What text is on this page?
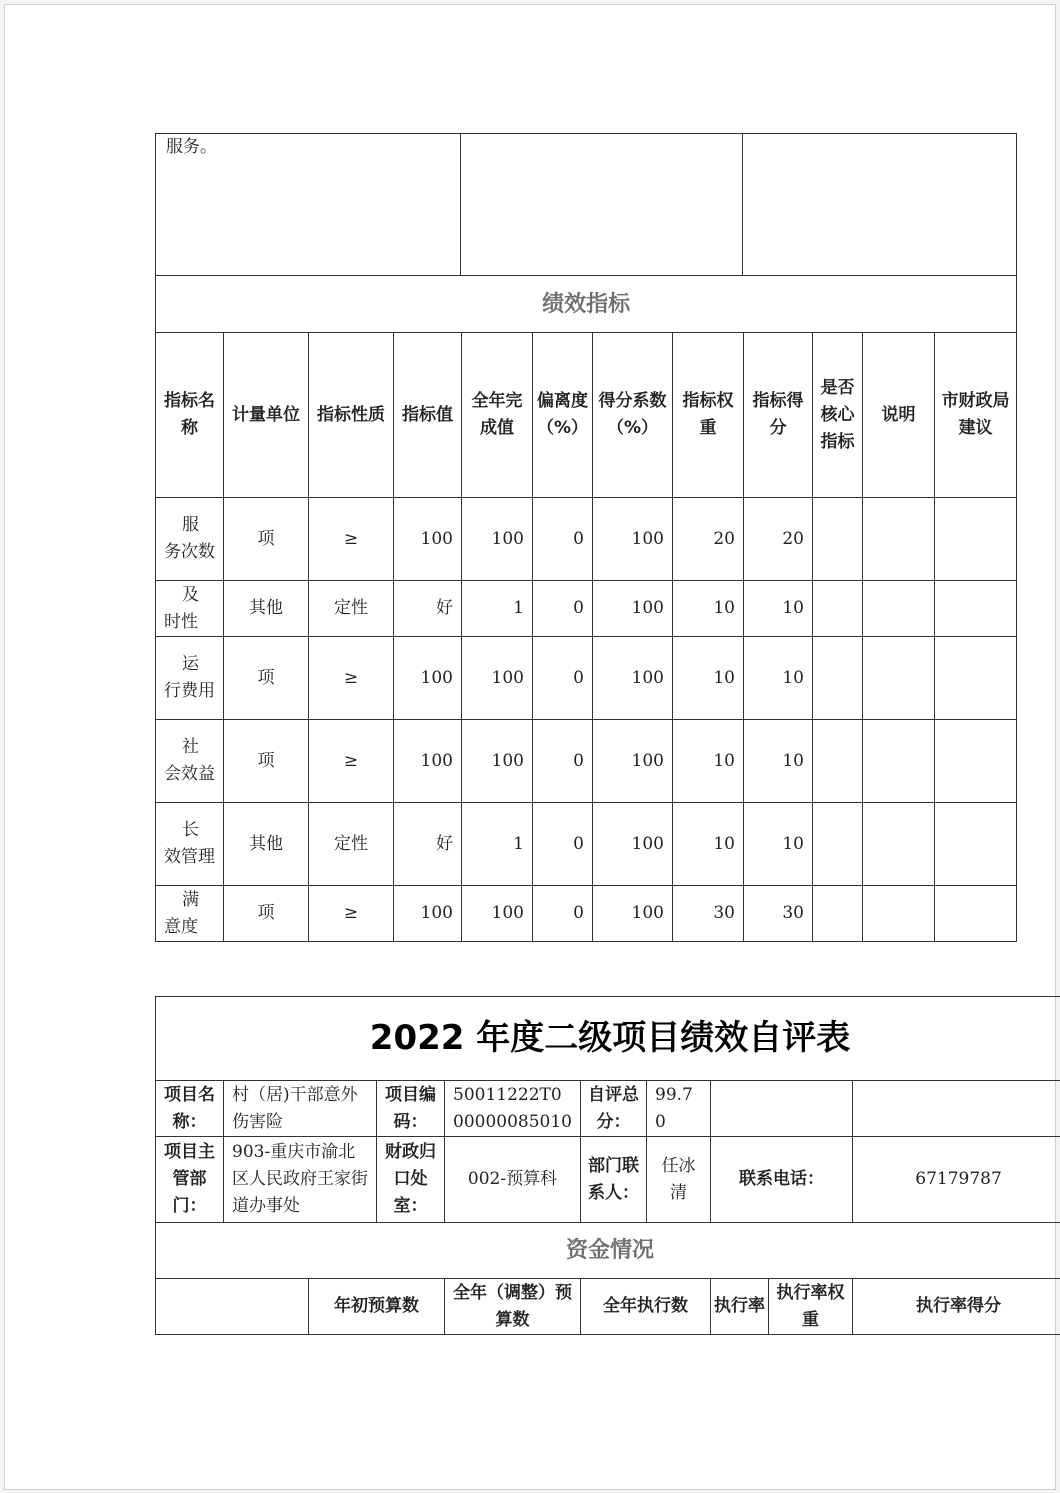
服务。		
绩效指标											
指标名称	计量单位	指标性质	指标值	全年完成值	偏离度（%）	得分系数（%）	指标权重	指标得分	是否核心指标	说明	市财政局建议
服务次数	项	≥	100	100	0	100	20	20			
及时性	其他	定性	好	1	0	100	10	10			
运行费用	项	≥	100	100	0	100	10	10			
社会效益	项	≥	100	100	0	100	10	10			
长效管理	其他	定性	好	1	0	100	10	10			
满意度	项	≥	100	100	0	100	30	30			
2022 年度二级项目绩效自评表									
项目名称：	村（居)干部意外伤害险		项目编码：	50011222T000000085010	自评总分：	99.70			
项目主管部门：	903-重庆市渝北区人民政府王家街道办事处		财政归口处室：	002-预算科	部门联系人：	任冰清	联系电话：		67179787
资金情况									
		年初预算数		全年（调整）预算数	全年执行数		执行率	执行率权重	执行率得分
